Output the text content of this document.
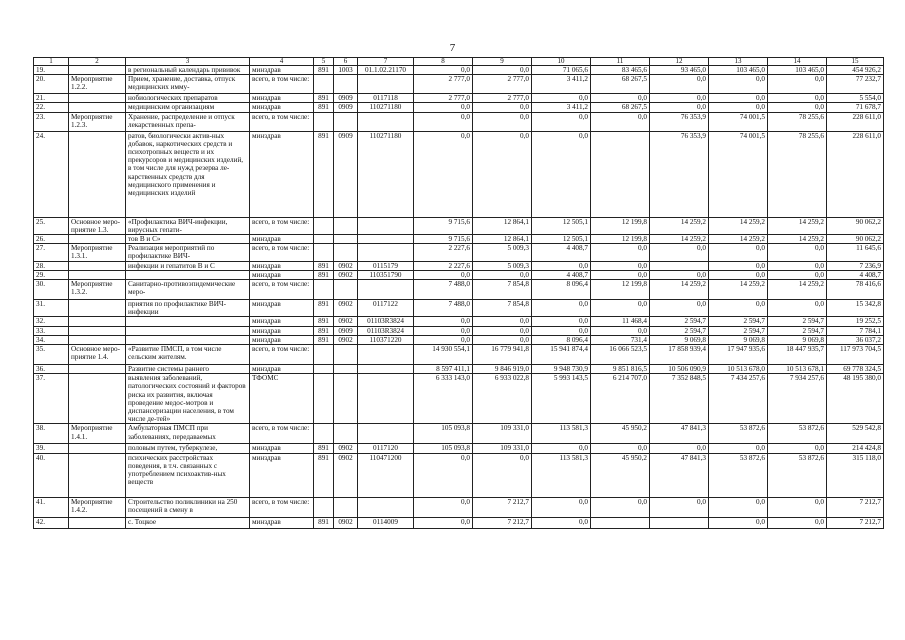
7
1	2	3	4	5	6	7	8	9	10	11	12	13	14	15
19.		в региональный календарь прививок	минздрав	891	1003	01.1.02.21170	0,0	0,0	71 065,6	83 465,6	93 465,0	103 465,0	103 465,0	454 926,2
20.	Мероприятие 1.2.2.	Прием, хранение, доставка, отпуск медицинских имму-	всего, в том числе:				2 777,0	2 777,0	3 411,2	68 267,5	0,0	0,0	0,0	77 232,7
21.		нобиологических препаратов	минздрав	891	0909	0117118	2 777,0	2 777,0	0,0	0,0	0,0	0,0	0,0	5 554,0
22.		медицинским организациям	минздрав	891	0909	110271180	0,0	0,0	3 411,2	68 267,5	0,0	0,0	0,0	71 678,7
23.	Мероприятие 1.2.3.	Хранение, распределение и отпуск лекарственных препа-	всего, в том числе:				0,0	0,0	0,0	0,0	76 353,9	74 001,5	78 255,6	228 611,0
24.		ратов, биологически актив-ных добавок, наркотических средств и психотропных веществ и их прекурсоров и медицинских изделий, в том числе для нужд резерва ле-карственных средств для медицинского применения и медицинских изделий	минздрав	891	0909	110271180	0,0	0,0	0,0		76 353,9	74 001,5	78 255,6	228 611,0
25.	Основное меро-приятие 1.3.	«Профилактика ВИЧ-инфекции, вирусных гепати-	всего, в том числе:				9 715,6	12 864,1	12 505,1	12 199,8	14 259,2	14 259,2	14 259,2	90 062,2
26.		тов В и С»	минздрав				9 715,6	12 864,1	12 505,1	12 199,8	14 259,2	14 259,2	14 259,2	90 062,2
27.	Мероприятие 1.3.1.	Реализация мероприятий по профилактике ВИЧ-	всего, в том числе:				2 227,6	5 009,3	4 408,7	0,0	0,0	0,0	0,0	11 645,6
28.		инфекции и гепатитов В и С	минздрав	891	0902	0115179	2 227,6	5 009,3	0,0	0,0		0,0	0,0	7 236,9
29.			минздрав	891	0902	110351790	0,0	0,0	4 408,7	0,0	0,0	0,0	0,0	4 408,7
30.	Мероприятие 1.3.2.	Санитарно-противоэпидемические меро-	всего, в том числе:				7 488,0	7 854,8	8 096,4	12 199,8	14 259,2	14 259,2	14 259,2	78 416,6
31.		приятия по профилактике ВИЧ-инфекции	минздрав	891	0902	0117122	7 488,0	7 854,8	0,0	0,0	0,0	0,0	0,0	15 342,8
32.			минздрав	891	0902	01103R3824	0,0	0,0	0,0	11 468,4	2 594,7	2 594,7	2 594,7	19 252,5
33.			минздрав	891	0909	01103R3824	0,0	0,0	0,0	0,0	2 594,7	2 594,7	2 594,7	7 784,1
34.			минздрав	891	0902	110371220	0,0	0,0	8 096,4	731,4	9 069,8	9 069,8	9 069,8	36 037,2
35.	Основное меро-приятие 1.4.	«Развитие ПМСП, в том числе сельским жителям.	всего, в том числе:				14 930 554,1	16 779 941,8	15 941 874,4	16 066 523,5	17 858 939,4	17 947 935,6	18 447 935,7	117 973 704,5
36.		Развитие системы раннего	минздрав				8 597 411,1	9 846 919,0	9 948 730,9	9 851 816,5	10 506 090,9	10 513 678,0	10 513 678,1	69 778 324,5
37.		выявления заболеваний, патологических состояний и факторов риска их развития, включая проведение медос-мотров и диспансеризации населения, в том числе де-тей»	ТФОМС				6 333 143,0	6 933 022,8	5 993 143,5	6 214 707,0	7 352 848,5	7 434 257,6	7 934 257,6	48 195 380,0
38.	Мероприятие 1.4.1.	Амбулаторная ПМСП при заболеваниях, передаваемых	всего, в том числе:				105 093,8	109 331,0	113 581,3	45 950,2	47 841,3	53 872,6	53 872,6	529 542,8
39.		половым путем, туберкулезе,	минздрав	891	0902	0117120	105 093,8	109 331,0	0,0	0,0	0,0	0,0	0,0	214 424,8
40.		психических расстройствах поведения, в т.ч. связанных с употреблением психоактив-ных веществ	минздрав	891	0902	110471200	0,0	0,0	113 581,3	45 950,2	47 841,3	53 872,6	53 872,6	315 118,0
41.	Мероприятие 1.4.2.	Строительство поликлиники на 250 посещений в смену в	всего, в том числе:				0,0	7 212,7	0,0	0,0	0,0	0,0	0,0	7 212,7
42.		с. Тоцкое	минздрав	891	0902	0114009	0,0	7 212,7	0,0			0,0	0,0	7 212,7
